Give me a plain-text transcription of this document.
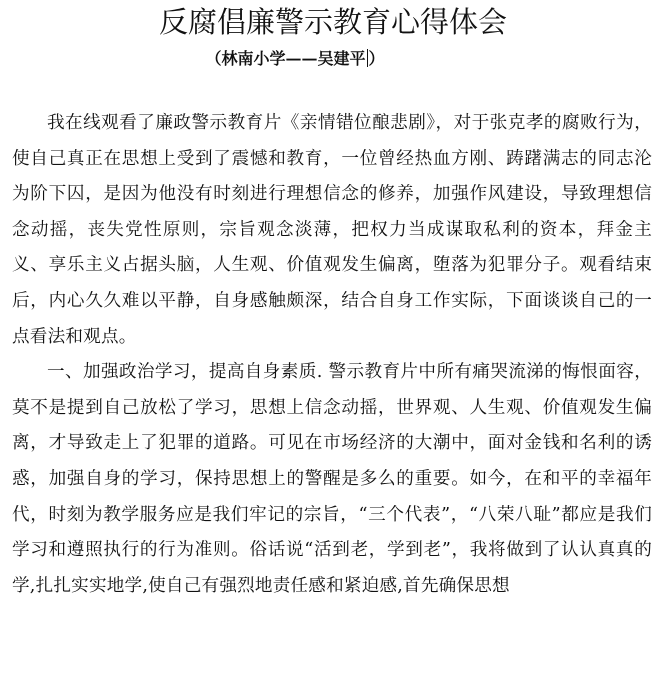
反腐倡廉警示教育心得体会

（林南小学——吴建平 ）

我在线观看了廉政警示教育片《亲情错位酿悲剧》，对于张克孝的腐败行为，使自己真正在思想上受到了震憾和教育，一位曾经热血方刚、踌躇满志的同志沦为阶下囚，是因为他没有时刻进行理想信念的修养，加强作风建设，导致理想信念动摇，丧失党性原则，宗旨观念淡薄，把权力当成谋取私利的资本，拜金主义、享乐主义占据头脑，人生观、价值观发生偏离，堕落为犯罪分子。观看结束后，内心久久难以平静，自身感触颇深，结合自身工作实际，下面谈谈自己的一点看法和观点。

一、加强政治学习，提高自身素质. 警示教育片中所有痛哭流涕的悔恨面容，莫不是提到自己放松了学习，思想上信念动摇，世界观、人生观、价值观发生偏离，才导致走上了犯罪的道路。可见在市场经济的大潮中，面对金钱和名利的诱惑，加强自身的学习，保持思想上的警醒是多么的重要。如今，在和平的幸福年代，时刻为教学服务应是我们牢记的宗旨，“三个代表”，“八荣八耻”都应是我们学习和遵照执行的行为准则。俗话说“活到老，学到老”，我将做到了认认真真的学,扎扎实实地学,使自己有强烈地责任感和紧迫感,首先确保思想
